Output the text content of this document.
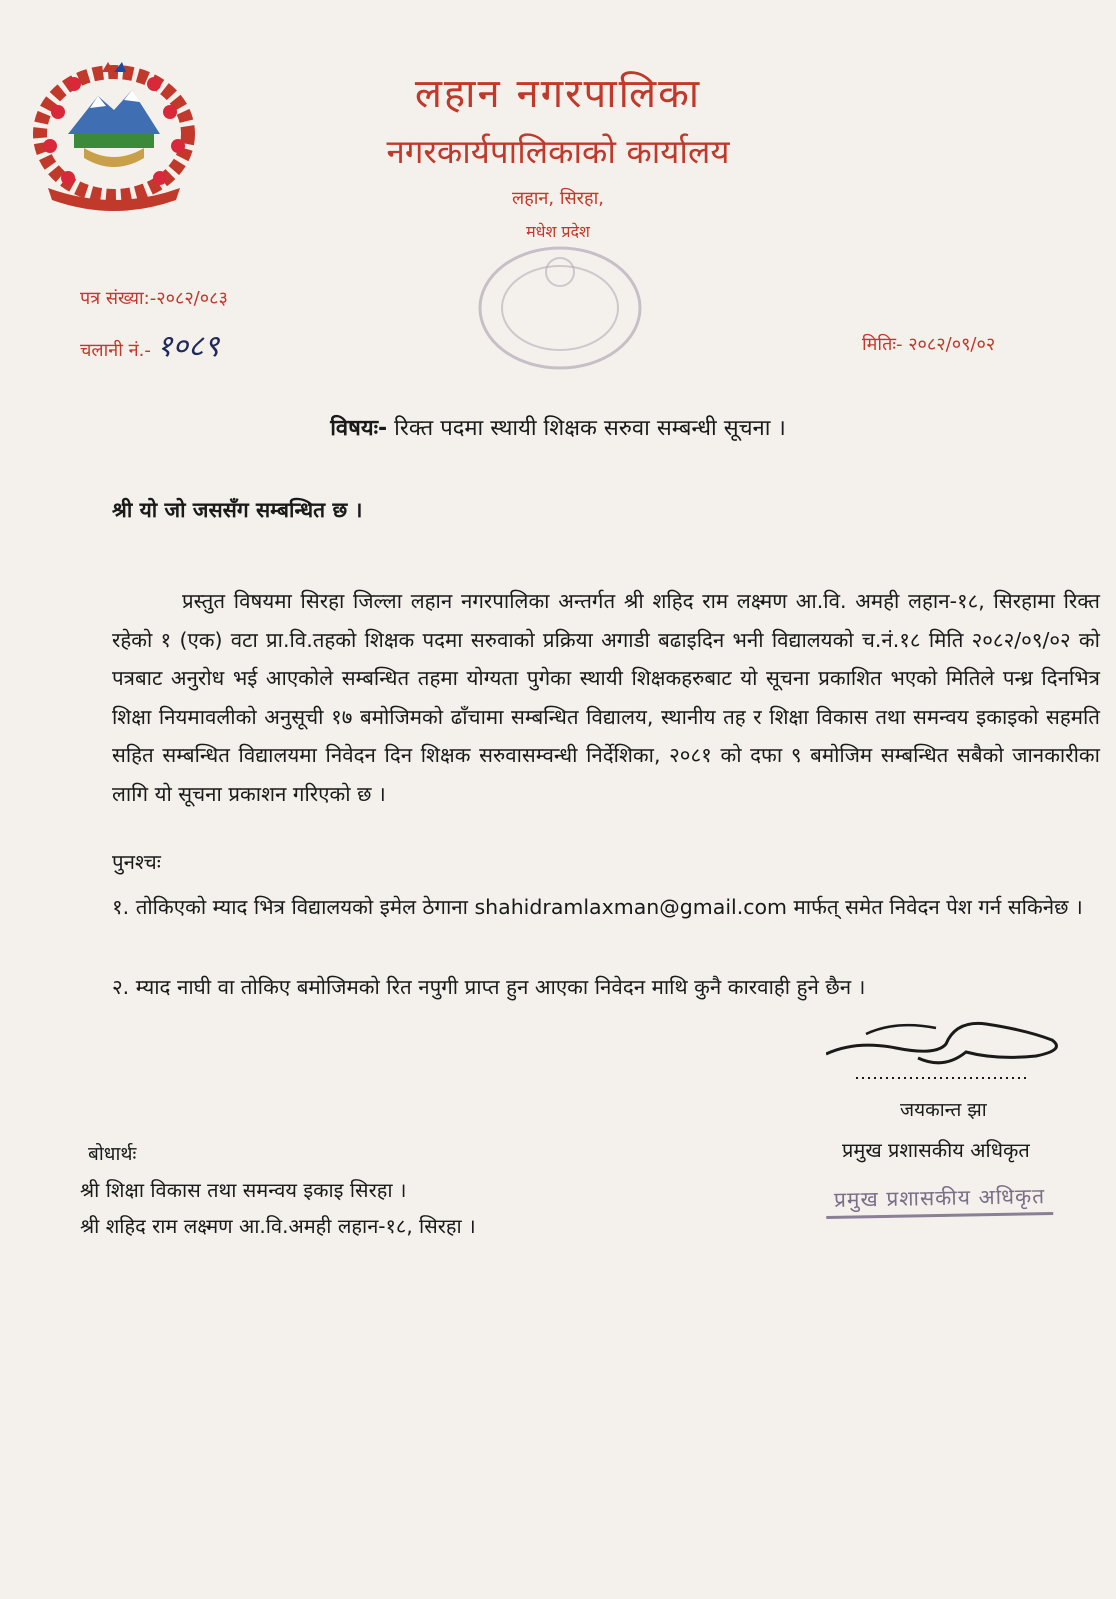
लहान नगरपालिका
नगरकार्यपालिकाको कार्यालय
लहान, सिरहा,
मधेश प्रदेश
पत्र संख्या:-२०८२/०८३
चलानी नं.- १०८९	मितिः- २०८२/०९/०२
विषयः- रिक्त पदमा स्थायी शिक्षक सरुवा सम्बन्धी सूचना ।
श्री यो जो जससँग सम्बन्धित छ ।
प्रस्तुत विषयमा सिरहा जिल्ला लहान नगरपालिका अन्तर्गत श्री शहिद राम लक्ष्मण आ.वि. अमही लहान-१८, सिरहामा रिक्त रहेको १ (एक) वटा प्रा.वि.तहको शिक्षक पदमा सरुवाको प्रक्रिया अगाडी बढाइदिन भनी विद्यालयको च.नं.१८ मिति २०८२/०९/०२ को पत्रबाट अनुरोध भई आएकोले सम्बन्धित तहमा योग्यता पुगेका स्थायी शिक्षकहरुबाट यो सूचना प्रकाशित भएको मितिले पन्ध्र दिनभित्र शिक्षा नियमावलीको अनुसूची १७ बमोजिमको ढाँचामा सम्बन्धित विद्यालय, स्थानीय तह र शिक्षा विकास तथा समन्वय इकाइको सहमति सहित सम्बन्धित विद्यालयमा निवेदन दिन शिक्षक सरुवासम्वन्धी निर्देशिका, २०८१ को दफा ९ बमोजिम सम्बन्धित सबैको जानकारीका लागि यो सूचना प्रकाशन गरिएको छ ।
पुनश्चः
१. तोकिएको म्याद भित्र विद्यालयको इमेल ठेगाना shahidramlaxman@gmail.com मार्फत् समेत निवेदन पेश गर्न सकिनेछ ।
२. म्याद नाघी वा तोकिए बमोजिमको रित नपुगी प्राप्त हुन आएका निवेदन माथि कुनै कारवाही हुने छैन ।
जयकान्त झा
प्रमुख प्रशासकीय अधिकृत
प्रमुख प्रशासकीय अधिकृत
बोधार्थः
श्री शिक्षा विकास तथा समन्वय इकाइ सिरहा ।
श्री शहिद राम लक्ष्मण आ.वि.अमही लहान-१८, सिरहा ।
